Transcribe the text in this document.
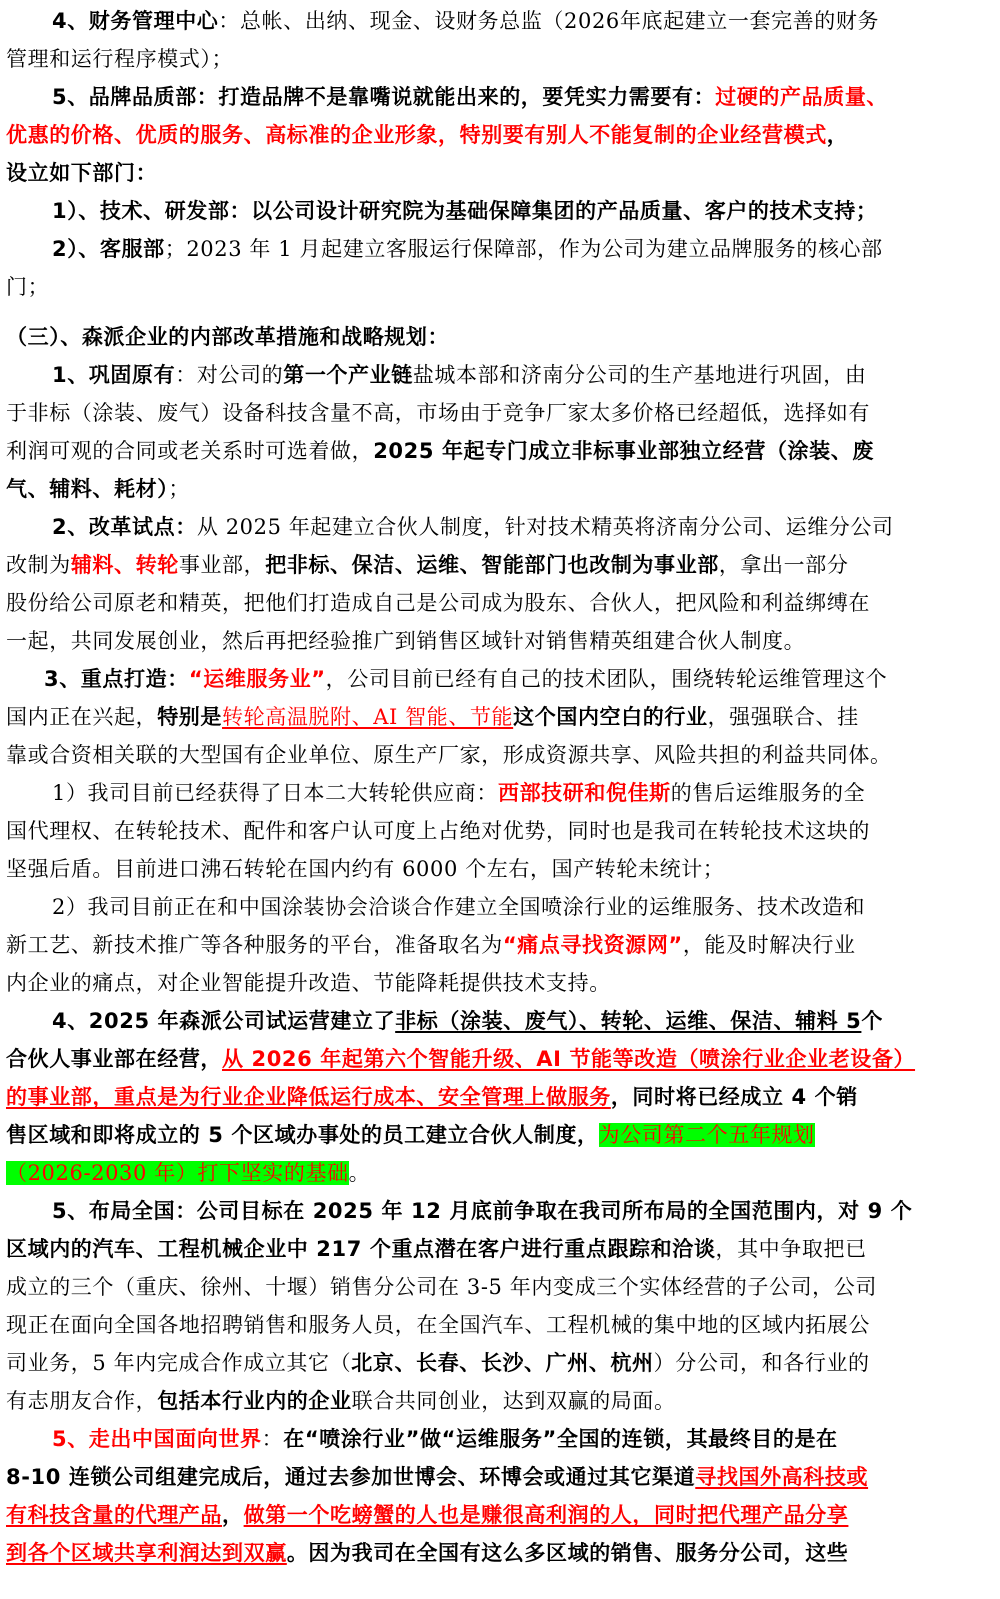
4、财务管理中心：总帐、出纳、现金、设财务总监（2026年底起建立一套完善的财务
管理和运行程序模式）；
5、品牌品质部：打造品牌不是靠嘴说就能出来的，要凭实力需要有：过硬的产品质量、
优惠的价格、优质的服务、高标准的企业形象，特别要有别人不能复制的企业经营模式，
设立如下部门：
1）、技术、研发部：以公司设计研究院为基础保障集团的产品质量、客户的技术支持；
2）、客服部；2023 年 1 月起建立客服运行保障部，作为公司为建立品牌服务的核心部
门；
（三）、森派企业的内部改革措施和战略规划：
1、巩固原有：对公司的第一个产业链盐城本部和济南分公司的生产基地进行巩固，由
于非标（涂装、废气）设备科技含量不高，市场由于竞争厂家太多价格已经超低，选择如有
利润可观的合同或老关系时可选着做，2025 年起专门成立非标事业部独立经营（涂装、废
气、辅料、耗材）；
2、改革试点：从 2025 年起建立合伙人制度，针对技术精英将济南分公司、运维分公司
改制为辅料、转轮事业部，把非标、保洁、运维、智能部门也改制为事业部，拿出一部分
股份给公司原老和精英，把他们打造成自己是公司成为股东、合伙人，把风险和利益绑缚在
一起，共同发展创业，然后再把经验推广到销售区域针对销售精英组建合伙人制度。
3、重点打造：“运维服务业”，公司目前已经有自己的技术团队，围绕转轮运维管理这个
国内正在兴起，特别是转轮高温脱附、AI 智能、节能这个国内空白的行业，强强联合、挂
靠或合资相关联的大型国有企业单位、原生产厂家，形成资源共享、风险共担的利益共同体。
1）我司目前已经获得了日本二大转轮供应商：西部技研和倪佳斯的售后运维服务的全
国代理权、在转轮技术、配件和客户认可度上占绝对优势，同时也是我司在转轮技术这块的
坚强后盾。目前进口沸石转轮在国内约有 6000 个左右，国产转轮未统计；
2）我司目前正在和中国涂装协会洽谈合作建立全国喷涂行业的运维服务、技术改造和
新工艺、新技术推广等各种服务的平台，准备取名为“痛点寻找资源网”，能及时解决行业
内企业的痛点，对企业智能提升改造、节能降耗提供技术支持。
4、2025 年森派公司试运营建立了非标（涂装、废气）、转轮、运维、保洁、辅料 5个
合伙人事业部在经营，从 2026 年起第六个智能升级、AI 节能等改造（喷涂行业企业老设备）
的事业部，重点是为行业企业降低运行成本、安全管理上做服务，同时将已经成立 4 个销
售区域和即将成立的 5 个区域办事处的员工建立合伙人制度，为公司第二个五年规划
（2026-2030 年）打下坚实的基础。
5、布局全国：公司目标在 2025 年 12 月底前争取在我司所布局的全国范围内，对 9 个
区域内的汽车、工程机械企业中 217 个重点潜在客户进行重点跟踪和洽谈，其中争取把已
成立的三个（重庆、徐州、十堰）销售分公司在 3-5 年内变成三个实体经营的子公司，公司
现正在面向全国各地招聘销售和服务人员，在全国汽车、工程机械的集中地的区域内拓展公
司业务，5 年内完成合作成立其它（北京、长春、长沙、广州、杭州）分公司，和各行业的
有志朋友合作，包括本行业内的企业联合共同创业，达到双赢的局面。
5、走出中国面向世界：在“喷涂行业”做“运维服务”全国的连锁，其最终目的是在
8-10 连锁公司组建完成后，通过去参加世博会、环博会或通过其它渠道寻找国外高科技或
有科技含量的代理产品，做第一个吃螃蟹的人也是赚很高利润的人，同时把代理产品分享
到各个区域共享利润达到双赢。因为我司在全国有这么多区域的销售、服务分公司，这些
